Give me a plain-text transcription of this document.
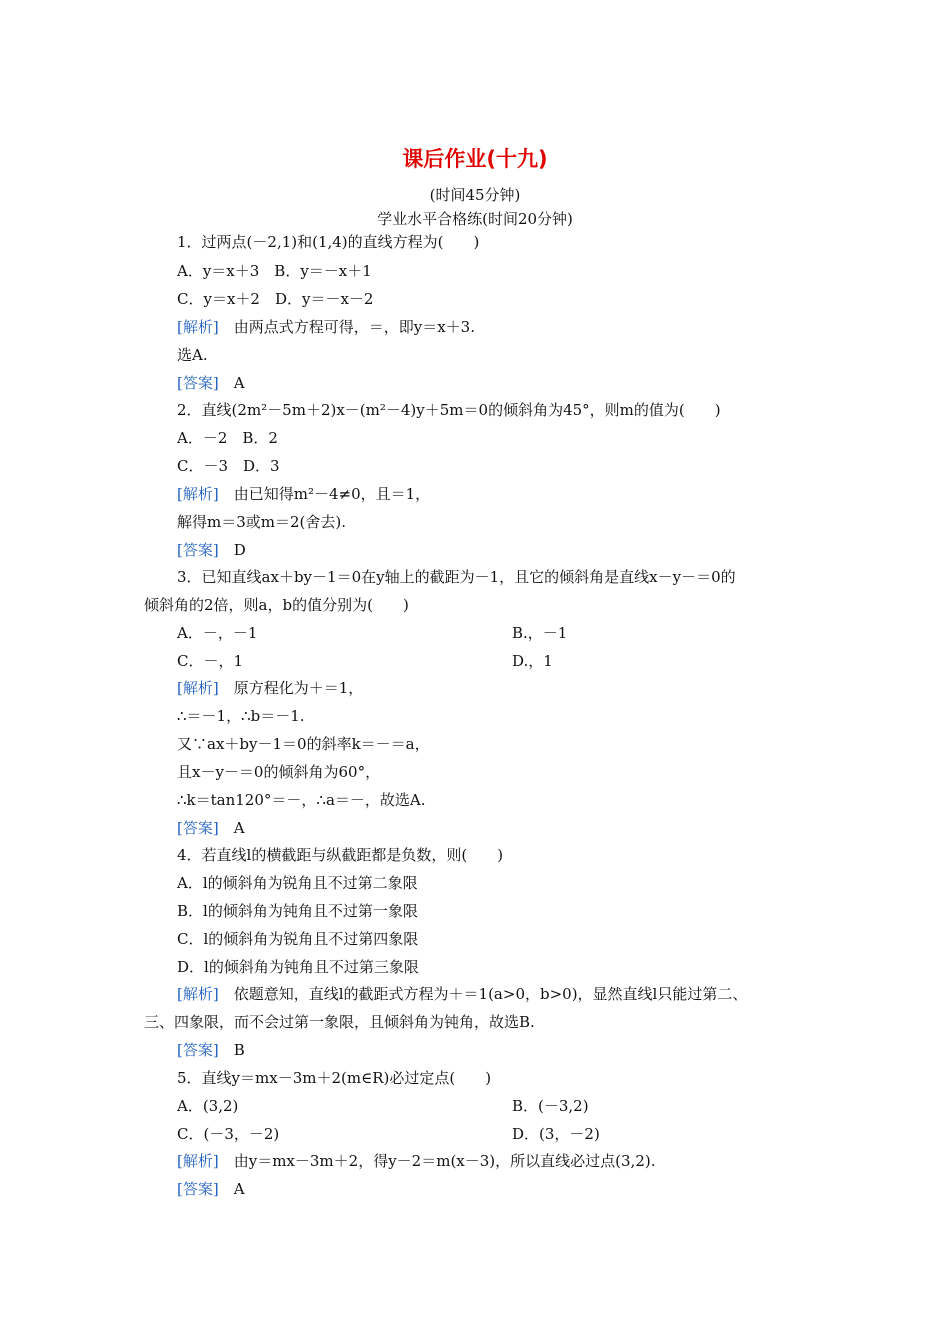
课后作业(十九)
(时间45分钟)
学业水平合格练(时间20分钟)
1．过两点(－2,1)和(1,4)的直线方程为(　　)
A．y＝x＋3　B．y＝－x＋1
C．y＝x＋2　D．y＝－x－2
[解析]　 由两点式方程可得，＝，即y＝x＋3.
选A.
[答案]　 A
2．直线(2m²－5m＋2)x－(m²－4)y＋5m＝0的倾斜角为45°，则m的值为(　　)
A．－2　B．2
C．－3　D．3
[解析]　 由已知得m²－4≠0，且＝1，
解得m＝3或m＝2(舍去).
[答案]　 D
3．已知直线ax＋by－1＝0在y轴上的截距为－1，且它的倾斜角是直线x－y－＝0的
倾斜角的2倍，则a，b的值分别为(　　)
A．－，－1	B.，－1
C．－，1	D.，1
[解析]　 原方程化为＋＝1，
∴＝－1，∴b＝－1.
又∵ax＋by－1＝0的斜率k＝－＝a，
且x－y－＝0的倾斜角为60°，
∴k＝tan120°＝－，∴a＝－，故选A.
[答案]　 A
4．若直线l的横截距与纵截距都是负数，则(　　)
A．l的倾斜角为锐角且不过第二象限
B．l的倾斜角为钝角且不过第一象限
C．l的倾斜角为锐角且不过第四象限
D．l的倾斜角为钝角且不过第三象限
[解析]　 依题意知，直线l的截距式方程为＋＝1(a>0，b>0)，显然直线l只能过第二、
三、四象限，而不会过第一象限，且倾斜角为钝角，故选B.
[答案]　 B
5．直线y＝mx－3m＋2(m∈R)必过定点(　　)
A．(3,2)	B．(－3,2)
C．(－3，－2)	D．(3，－2)
[解析]　 由y＝mx－3m＋2，得y－2＝m(x－3)，所以直线必过点(3,2).
[答案]　 A
